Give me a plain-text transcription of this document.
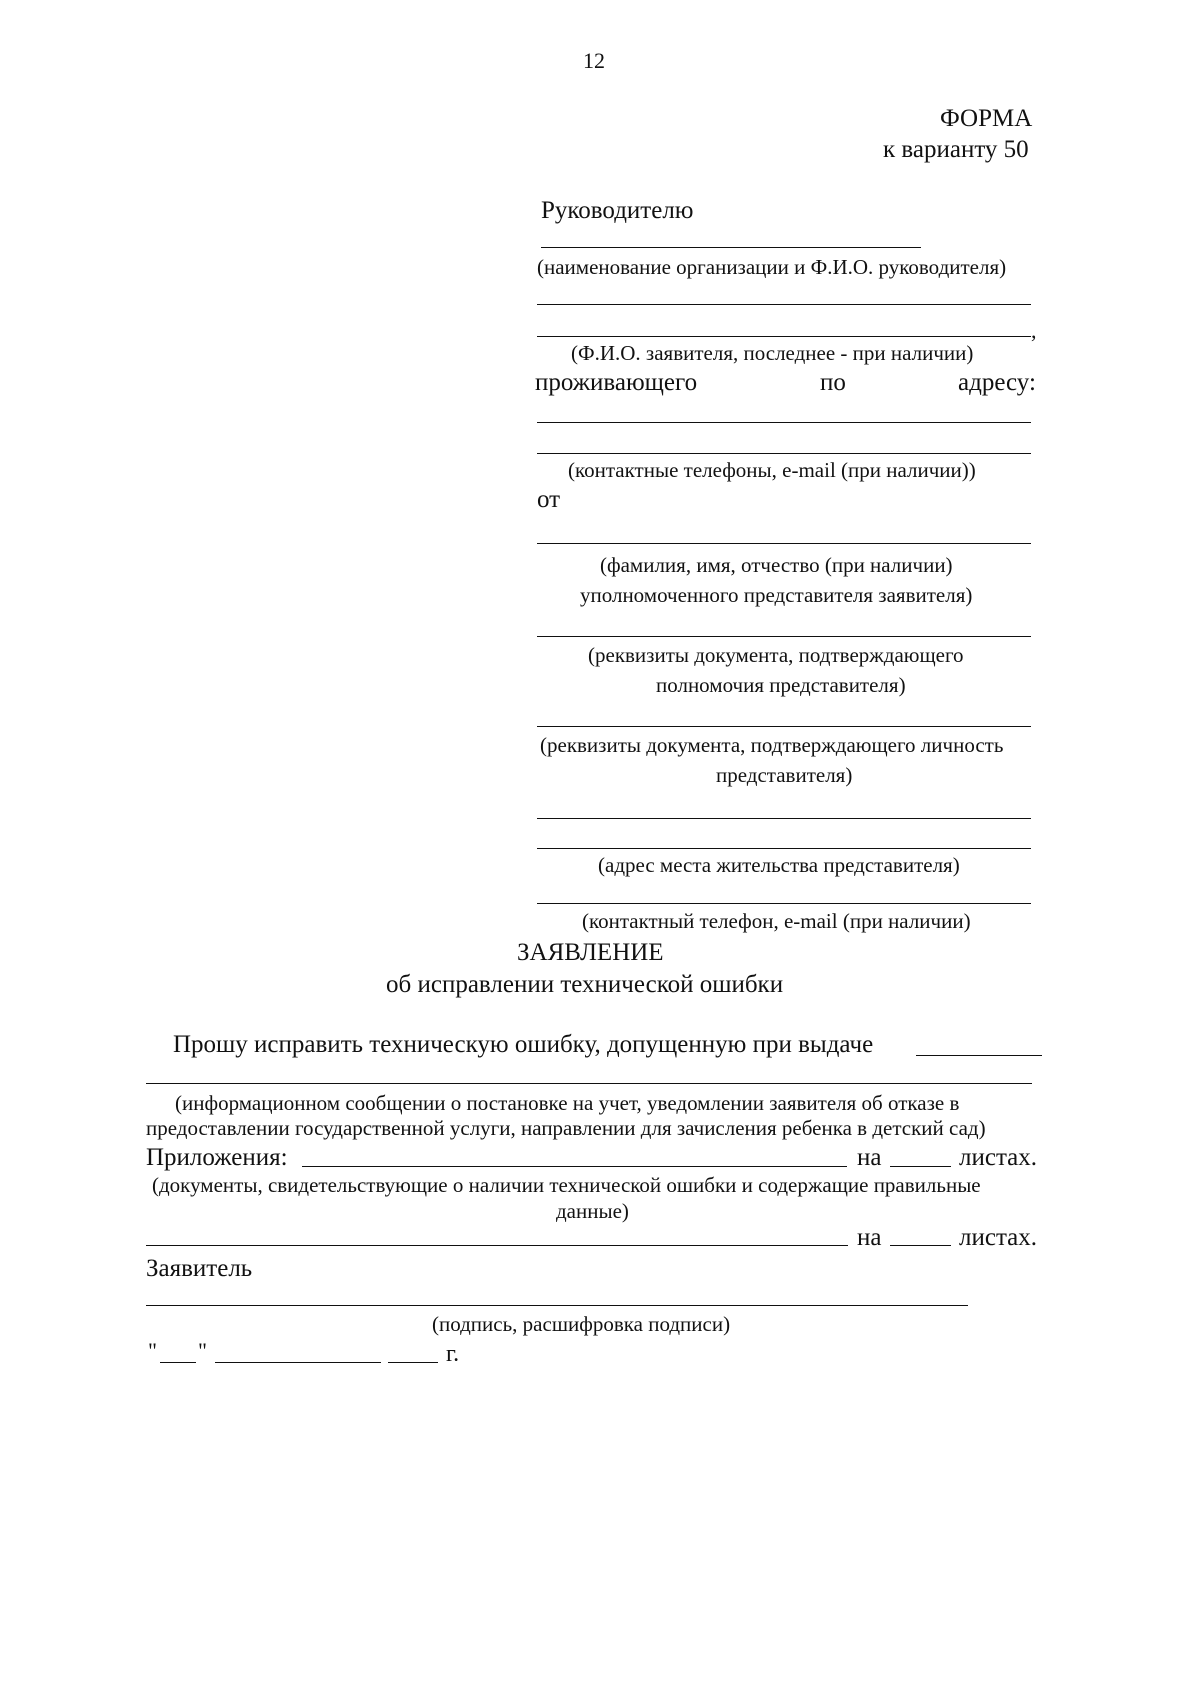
12
ФОРМА
к варианту 50
Руководителю
(наименование организации и Ф.И.О. руководителя)
,
(Ф.И.О. заявителя, последнее - при наличии)
проживающего	по	адресу:
(контактные телефоны, e-mail (при наличии))
от
(фамилия, имя, отчество (при наличии)
уполномоченного представителя заявителя)
(реквизиты документа, подтверждающего
полномочия представителя)
(реквизиты документа, подтверждающего личность
представителя)
(адрес места жительства представителя)
(контактный телефон, e-mail (при наличии)
ЗАЯВЛЕНИЕ
об исправлении технической ошибки
Прошу исправить техническую ошибку, допущенную при выдаче
(информационном сообщении о постановке на учет, уведомлении заявителя об отказе в
предоставлении государственной услуги, направлении для зачисления ребенка в детский сад)
Приложения:	на	листах.
(документы, свидетельствующие о наличии технической ошибки и содержащие правильные
данные)
на	листах.
Заявитель
(подпись, расшифровка подписи)
" "	г.
